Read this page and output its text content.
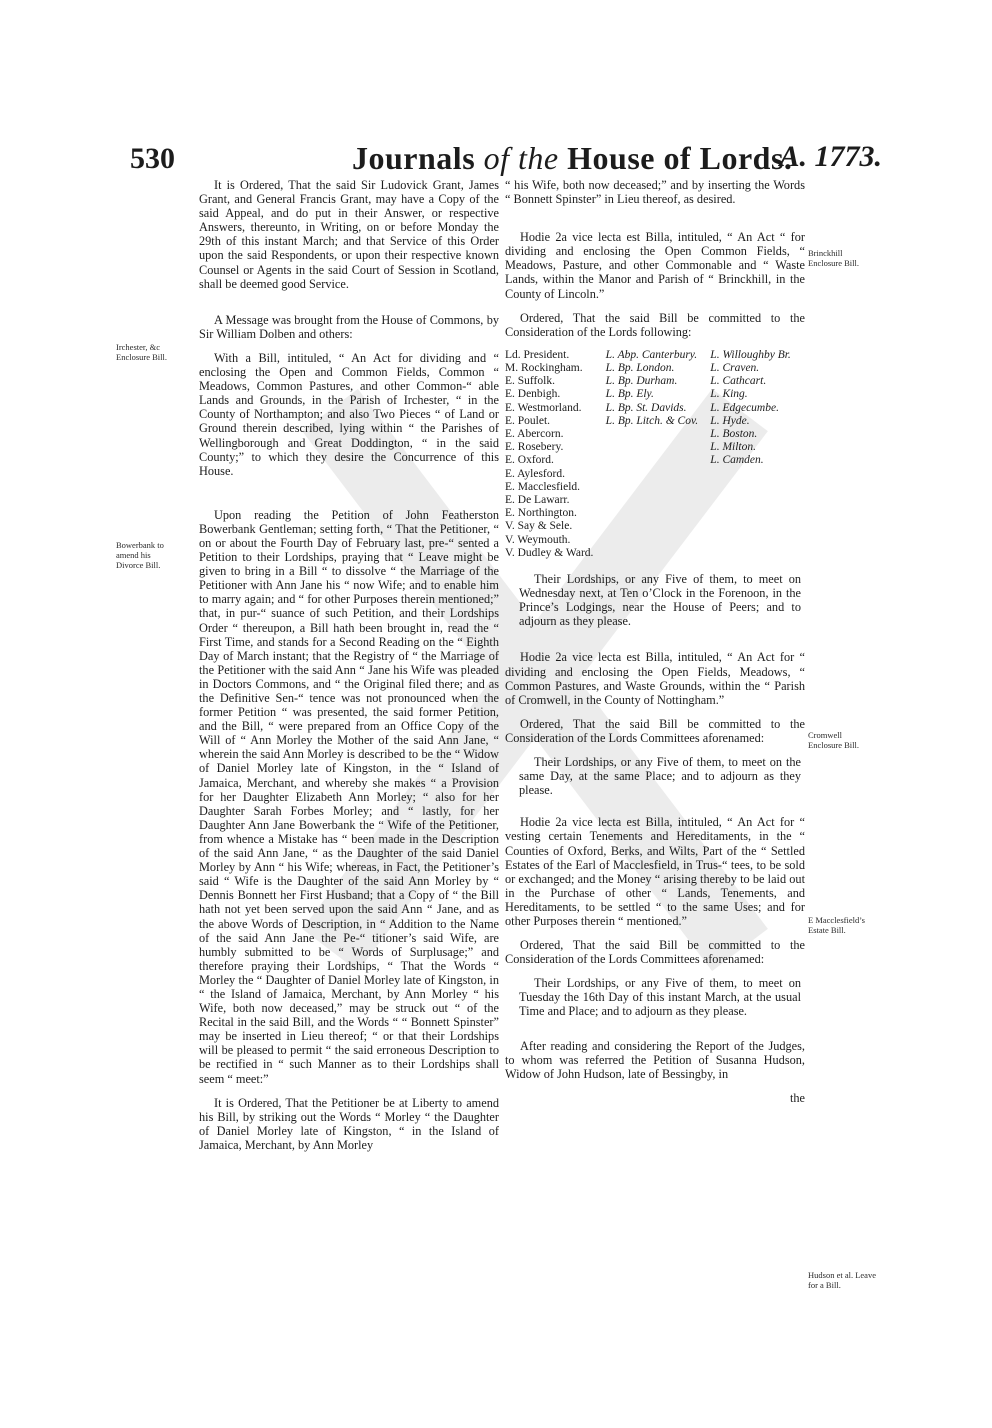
530	Journals of the House of Lords.
A. 1773.
Irchester, &c Enclosure Bill.
Bowerbank to amend his Divorce Bill.
Brinckhill Enclosure Bill.
Cromwell Enclosure Bill.
E Macclesfield’s Estate Bill.
Hudson et al. Leave for a Bill.

It is Ordered, That the said Sir Ludovick Grant, James Grant, and General Francis Grant, may have a Copy of the said Appeal, and do put in their Answer, or respective Answers, thereunto, in Writing, on or before Monday the 29th of this instant March; and that Service of this Order upon the said Respondents, or upon their respective known Counsel or Agents in the said Court of Session in Scotland, shall be deemed good Service.

A Message was brought from the House of Commons, by Sir William Dolben and others:

With a Bill, intituled, “ An Act for dividing and “ enclosing the Open and Common Fields, Common “ Meadows, Common Pastures, and other Common-“ able Lands and Grounds, in the Parish of Irchester, “ in the County of Northampton; and also Two Pieces “ of Land or Ground therein described, lying within “ the Parishes of Wellingborough and Great Doddington, “ in the said County;” to which they desire the Concurrence of this House.

Upon reading the Petition of John Featherston Bowerbank Gentleman; setting forth, “ That the Petitioner, “ on or about the Fourth Day of February last, pre-“ sented a Petition to their Lordships, praying that “ Leave might be given to bring in a Bill “ to dissolve “ the Marriage of the Petitioner with Ann Jane his “ now Wife; and to enable him to marry again; and “ for other Purposes therein mentioned;” that, in pur-“ suance of such Petition, and their Lordships Order “ thereupon, a Bill hath been brought in, read the “ First Time, and stands for a Second Reading on the “ Eighth Day of March instant; that the Registry of “ the Marriage of the Petitioner with the said Ann “ Jane his Wife was pleaded in Doctors Commons, and “ the Original filed there; and as the Definitive Sen-“ tence was not pronounced when the former Petition “ was presented, the said former Petition, and the Bill, “ were prepared from an Office Copy of the Will of “ Ann Morley the Mother of the said Ann Jane, “ wherein the said Ann Morley is described to be the “ Widow of Daniel Morley late of Kingston, in the “ Island of Jamaica, Merchant, and whereby she makes “ a Provision for her Daughter Elizabeth Ann Morley; “ also for her Daughter Sarah Forbes Morley; and “ lastly, for her Daughter Ann Jane Bowerbank the “ Wife of the Petitioner, from whence a Mistake has “ been made in the Description of the said Ann Jane, “ as the Daughter of the said Daniel Morley by Ann “ his Wife; whereas, in Fact, the Petitioner’s said “ Wife is the Daughter of the said Ann Morley by “ Dennis Bonnett her First Husband; that a Copy of “ the Bill hath not yet been served upon the said Ann “ Jane, and as the above Words of Description, in “ Addition to the Name of the said Ann Jane the Pe-“ titioner’s said Wife, are humbly submitted to be “ Words of Surplusage;” and therefore praying their Lordships, “ That the Words “ Morley the “ Daughter of Daniel Morley late of Kingston, in “ the Island of Jamaica, Merchant, by Ann Morley “ his Wife, both now deceased,” may be struck out “ of the Recital in the said Bill, and the Words “ “ Bonnett Spinster” may be inserted in Lieu thereof; “ or that their Lordships will be pleased to permit “ the said erroneous Description to be rectified in “ such Manner as to their Lordships shall seem “ meet:”

It is Ordered, That the Petitioner be at Liberty to amend his Bill, by striking out the Words “ Morley “ the Daughter of Daniel Morley late of Kingston, “ in the Island of Jamaica, Merchant, by Ann Morley

“ his Wife, both now deceased;” and by inserting the Words “ Bonnett Spinster” in Lieu thereof, as desired.

Hodie 2a vice lecta est Billa, intituled, “ An Act “ for dividing and enclosing the Open Common Fields, “ Meadows, Pasture, and other Commonable and “ Waste Lands, within the Manor and Parish of “ Brinckhill, in the County of Lincoln.”

Ordered, That the said Bill be committed to the Consideration of the Lords following:

Ld. President.
M. Rockingham.
E. Suffolk.
E. Denbigh.
E. Westmorland.
E. Poulet.
E. Abercorn.
E. Rosebery.
E. Oxford.
E. Aylesford.
E. Macclesfield.
E. De Lawarr.
E. Northington.
V. Say & Sele.
V. Weymouth.
V. Dudley & Ward.
L. Abp. Canterbury.
L. Bp. London.
L. Bp. Durham.
L. Bp. Ely.
L. Bp. St. Davids.
L. Bp. Litch. & Cov.
L. Willoughby Br.
L. Craven.
L. Cathcart.
L. King.
L. Edgecumbe.
L. Hyde.
L. Boston.
L. Milton.
L. Camden.

Their Lordships, or any Five of them, to meet on Wednesday next, at Ten o’Clock in the Forenoon, in the Prince’s Lodgings, near the House of Peers; and to adjourn as they please.

Hodie 2a vice lecta est Billa, intituled, “ An Act for “ dividing and enclosing the Open Fields, Meadows, “ Common Pastures, and Waste Grounds, within the “ Parish of Cromwell, in the County of Nottingham.”

Ordered, That the said Bill be committed to the Consideration of the Lords Committees aforenamed:

Their Lordships, or any Five of them, to meet on the same Day, at the same Place; and to adjourn as they please.

Hodie 2a vice lecta est Billa, intituled, “ An Act for “ vesting certain Tenements and Hereditaments, in the “ Counties of Oxford, Berks, and Wilts, Part of the “ Settled Estates of the Earl of Macclesfield, in Trus-“ tees, to be sold or exchanged; and the Money “ arising thereby to be laid out in the Purchase of other “ Lands, Tenements, and Hereditaments, to be settled “ to the same Uses; and for other Purposes therein “ mentioned.”

Ordered, That the said Bill be committed to the Consideration of the Lords Committees aforenamed:

Their Lordships, or any Five of them, to meet on Tuesday the 16th Day of this instant March, at the usual Time and Place; and to adjourn as they please.

After reading and considering the Report of the Judges, to whom was referred the Petition of Susanna Hudson, Widow of John Hudson, late of Bessingby, in

the
